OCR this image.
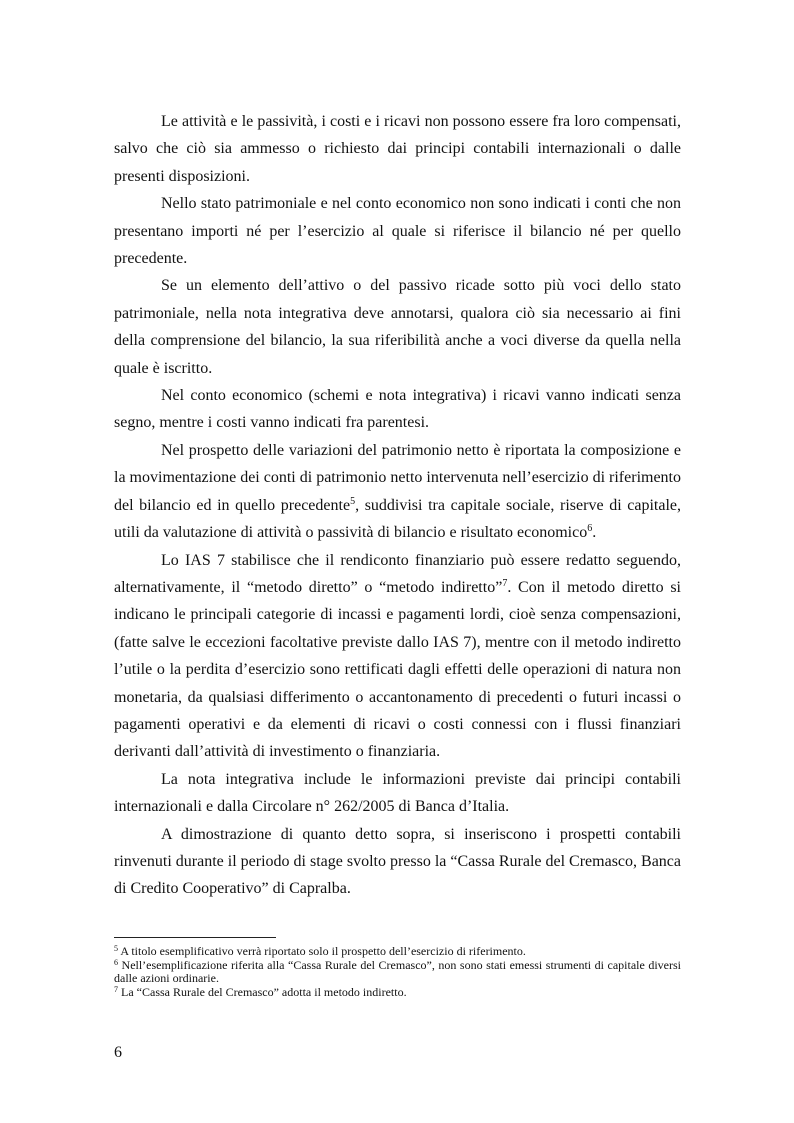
Le attività e le passività, i costi e i ricavi non possono essere fra loro compensati, salvo che ciò sia ammesso o richiesto dai principi contabili internazionali o dalle presenti disposizioni.

Nello stato patrimoniale e nel conto economico non sono indicati i conti che non presentano importi né per l’esercizio al quale si riferisce il bilancio né per quello precedente.

Se un elemento dell’attivo o del passivo ricade sotto più voci dello stato patrimoniale, nella nota integrativa deve annotarsi, qualora ciò sia necessario ai fini della comprensione del bilancio, la sua riferibilità anche a voci diverse da quella nella quale è iscritto.

Nel conto economico (schemi e nota integrativa) i ricavi vanno indicati senza segno, mentre i costi vanno indicati fra parentesi.

Nel prospetto delle variazioni del patrimonio netto è riportata la composizione e la movimentazione dei conti di patrimonio netto intervenuta nell’esercizio di riferimento del bilancio ed in quello precedente$^5$, suddivisi tra capitale sociale, riserve di capitale, utili da valutazione di attività o passività di bilancio e risultato economico$^6$.

Lo IAS 7 stabilisce che il rendiconto finanziario può essere redatto seguendo, alternativamente, il “metodo diretto” o “metodo indiretto”$^7$. Con il metodo diretto si indicano le principali categorie di incassi e pagamenti lordi, cioè senza compensazioni, (fatte salve le eccezioni facoltative previste dallo IAS 7), mentre con il metodo indiretto l’utile o la perdita d’esercizio sono rettificati dagli effetti delle operazioni di natura non monetaria, da qualsiasi differimento o accantonamento di precedenti o futuri incassi o pagamenti operativi e da elementi di ricavi o costi connessi con i flussi finanziari derivanti dall’attività di investimento o finanziaria.

La nota integrativa include le informazioni previste dai principi contabili internazionali e dalla Circolare n° 262/2005 di Banca d’Italia.

A dimostrazione di quanto detto sopra, si inseriscono i prospetti contabili rinvenuti durante il periodo di stage svolto presso la “Cassa Rurale del Cremasco, Banca di Credito Cooperativo” di Capralba.

$^5$ A titolo esemplificativo verrà riportato solo il prospetto dell’esercizio di riferimento.

$^6$ Nell’esemplificazione riferita alla “Cassa Rurale del Cremasco”, non sono stati emessi strumenti di capitale diversi dalle azioni ordinarie.

$^7$ La “Cassa Rurale del Cremasco” adotta il metodo indiretto.

6
